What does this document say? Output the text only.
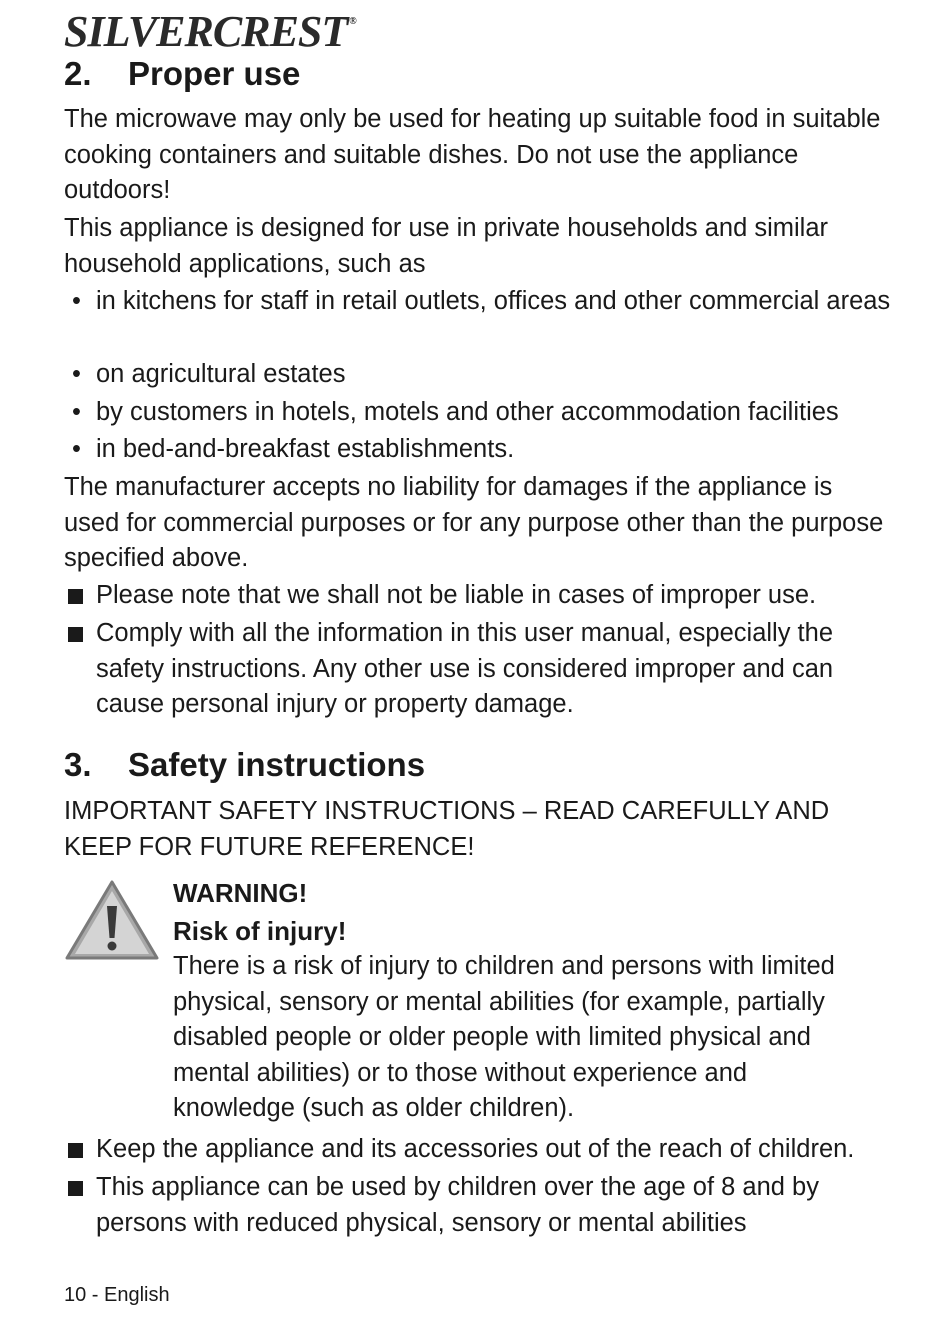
SILVERCREST ®
2. Proper use

The microwave may only be used for heating up suitable food in suitable cooking containers and suitable dishes. Do not use the appliance outdoors!

This appliance is designed for use in private households and similar household applications, such as

• in kitchens for staff in retail outlets, offices and other commercial areas
• on agricultural estates
• by customers in hotels, motels and other accommodation facilities
• in bed-and-breakfast establishments.

The manufacturer accepts no liability for damages if the appliance is used for commercial purposes or for any purpose other than the purpose specified above.

Please note that we shall not be liable in cases of improper use.
Comply with all the information in this user manual, especially the safety instructions. Any other use is considered improper and can cause personal injury or property damage.
3. Safety instructions

IMPORTANT SAFETY INSTRUCTIONS – READ CAREFULLY AND KEEP FOR FUTURE REFERENCE!

WARNING!
Risk of injury!
There is a risk of injury to children and persons with limited physical, sensory or mental abilities (for example, partially disabled people or older people with limited physical and mental abilities) or to those without experience and knowledge (such as older children).
Keep the appliance and its accessories out of the reach of children.
This appliance can be used by children over the age of 8 and by persons with reduced physical, sensory or mental abilities
10 - English
